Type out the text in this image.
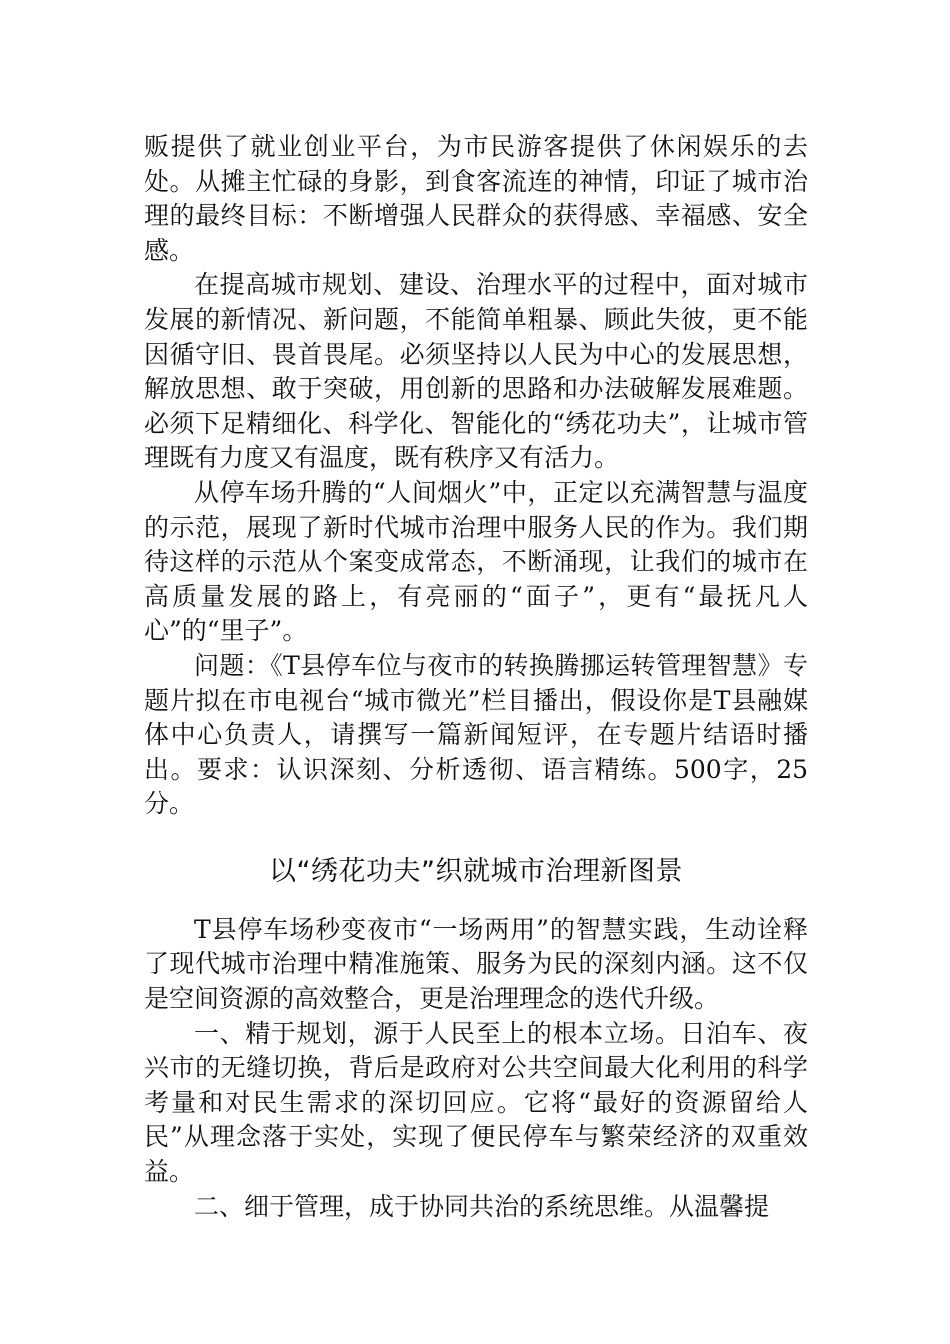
贩提供了就业创业平台，为市民游客提供了休闲娱乐的去处。从摊主忙碌的身影，到食客流连的神情，印证了城市治理的最终目标：不断增强人民群众的获得感、幸福感、安全感。

在提高城市规划、建设、治理水平的过程中，面对城市发展的新情况、新问题，不能简单粗暴、顾此失彼，更不能因循守旧、畏首畏尾。必须坚持以人民为中心的发展思想，解放思想、敢于突破，用创新的思路和办法破解发展难题。必须下足精细化、科学化、智能化的“绣花功夫”，让城市管理既有力度又有温度，既有秩序又有活力。

从停车场升腾的“人间烟火”中，正定以充满智慧与温度的示范，展现了新时代城市治理中服务人民的作为。我们期待这样的示范从个案变成常态，不断涌现，让我们的城市在高质量发展的路上，有亮丽的“面子”，更有“最抚凡人心”的“里子”。

问题：《T县停车位与夜市的转换腾挪运转管理智慧》专题片拟在市电视台“城市微光”栏目播出，假设你是T县融媒体中心负责人，请撰写一篇新闻短评，在专题片结语时播出。要求：认识深刻、分析透彻、语言精练。500字，25分。

以“绣花功夫”织就城市治理新图景

T县停车场秒变夜市“一场两用”的智慧实践，生动诠释了现代城市治理中精准施策、服务为民的深刻内涵。这不仅是空间资源的高效整合，更是治理理念的迭代升级。

一、精于规划，源于人民至上的根本立场。日泊车、夜兴市的无缝切换，背后是政府对公共空间最大化利用的科学考量和对民生需求的深切回应。它将“最好的资源留给人民”从理念落于实处，实现了便民停车与繁荣经济的双重效益。

二、细于管理，成于协同共治的系统思维。从温馨提
